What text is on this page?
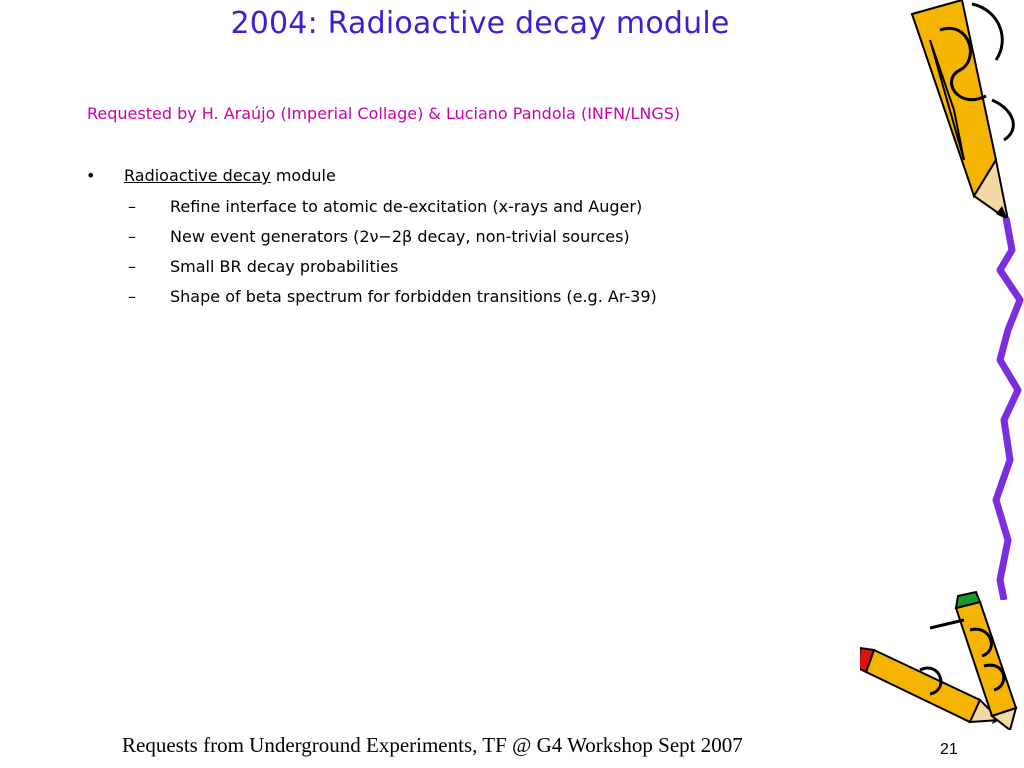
2004: Radioactive decay module
Requested by H. Araújo (Imperial Collage) & Luciano Pandola (INFN/LNGS)
• Radioactive decay module
– Refine interface to atomic de-excitation (x-rays and Auger)
– New event generators (2ν−2β decay, non-trivial sources)
– Small BR decay probabilities
– Shape of beta spectrum for forbidden transitions (e.g. Ar-39)
Requests from Underground Experiments, TF @ G4 Workshop Sept 2007	21
